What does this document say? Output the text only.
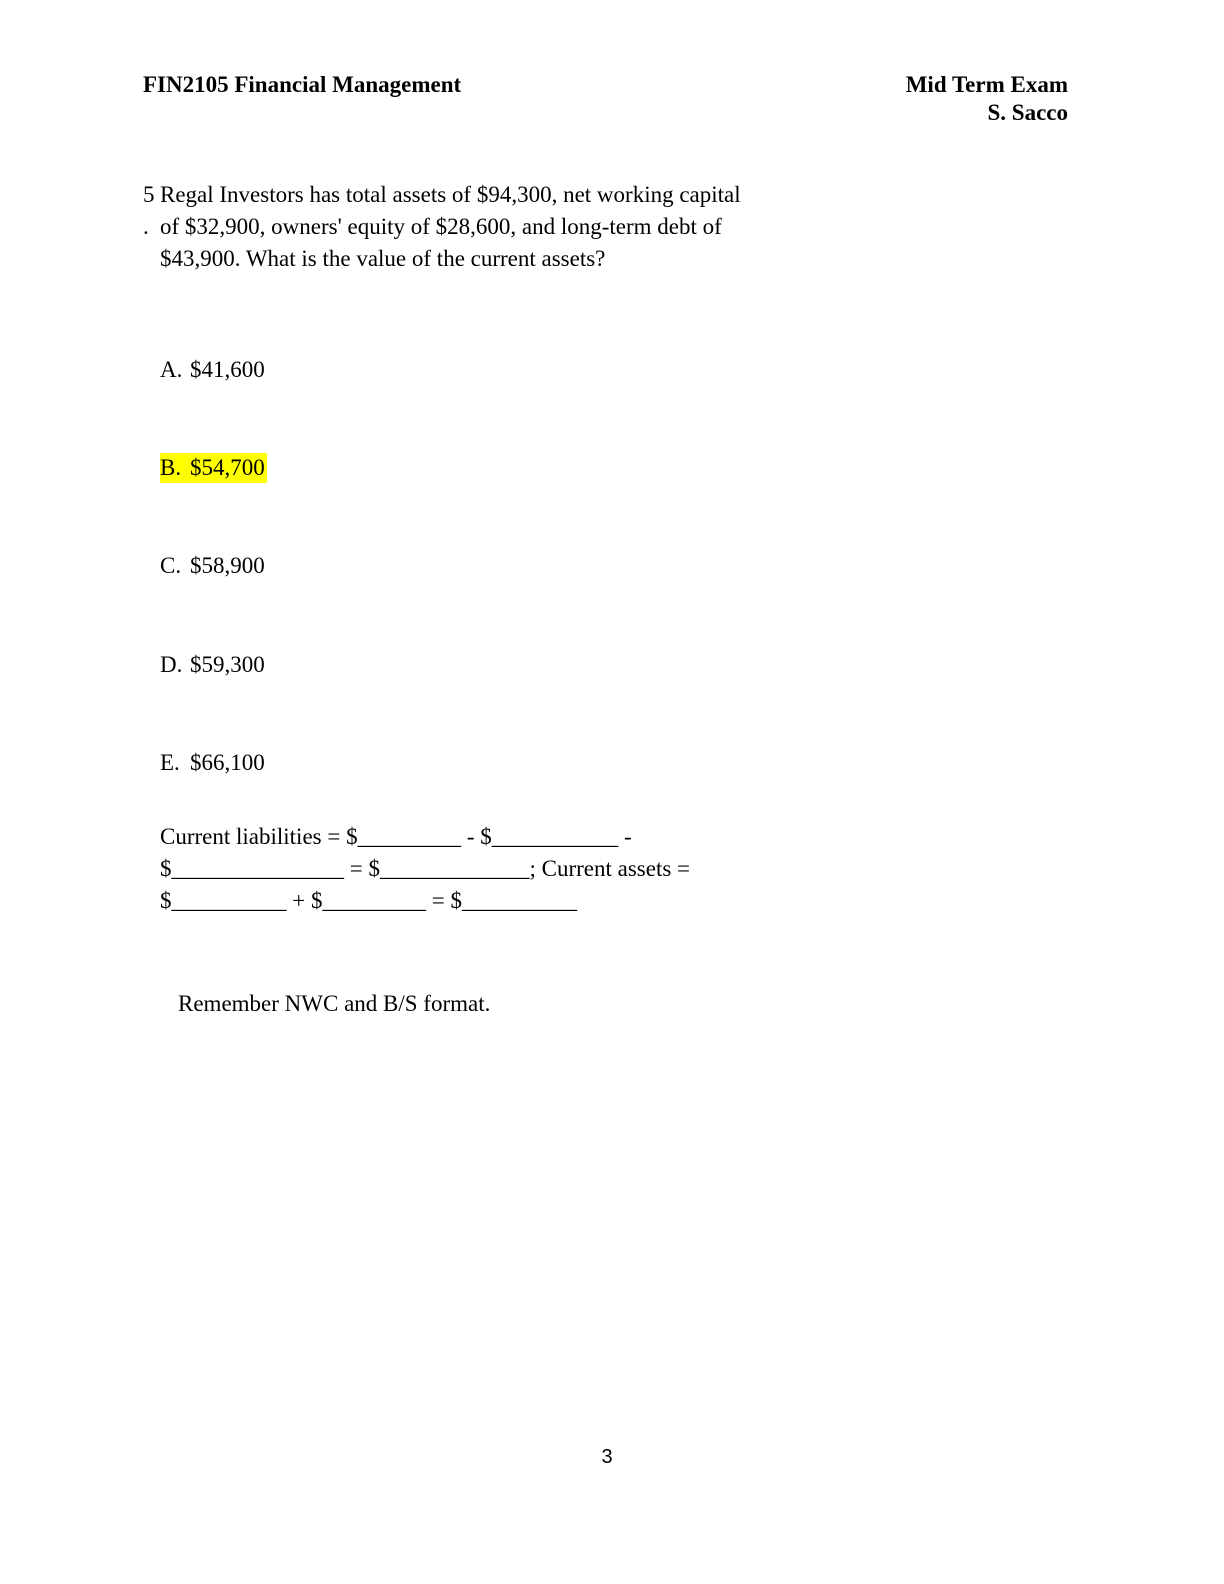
FIN2105 Financial Management	Mid Term Exam
S. Sacco
5
.
Regal Investors has total assets of $94,300, net working capital
of $32,900, owners' equity of $28,600, and long-term debt of
$43,900. What is the value of the current assets?
A. $41,600
B. $54,700
C. $58,900
D. $59,300
E. $66,100
Current liabilities = $_________ - $___________ -
$_______________ = $_____________; Current assets =
$__________ + $_________ = $__________
Remember NWC and B/S format.
3
